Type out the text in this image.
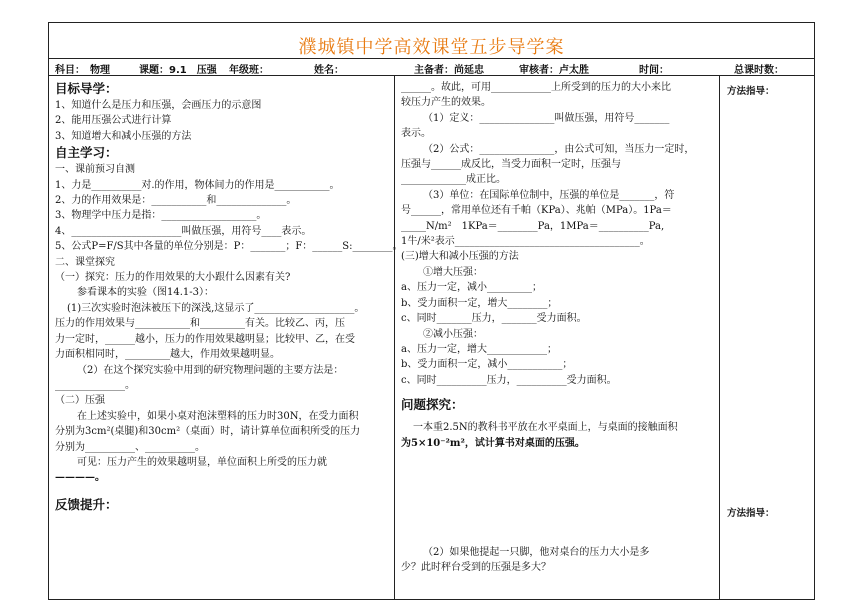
濮城镇中学高效课堂五步导学案
科目：　物理	课题：9.1　压强 年级班：	姓名：	主备者：尚延忠	审核者：卢太胜	时间：	总课时数：

目标导学：

1、知道什么是压力和压强，会画压力的示意图

2、能用压强公式进行计算

3、知道增大和减小压强的方法

自主学习：

一、课前预习自测

1、力是__________对.的作用，物体间力的作用是___________。

2、力的作用效果是：___________和______________。

3、物理学中压力是指：___________________。

4、______________________叫做压强，用符号____表示。

5、公式P=F/S其中各量的单位分别是：P：_______；F：______S:________。

二、课堂探究

（一）探究：压力的作用效果的大小跟什么因素有关?

参看课本的实验（图14.1-3）：

(1)三次实验时泡沫被压下的深浅,这显示了____________________。

压力的作用效果与___________和_________有关。比较乙、丙，压

力一定时，______越小，压力的作用效果越明显；比较甲、乙，在受

力面积相同时，_________越大，作用效果越明显。

（2）在这个探究实验中用到的研究物理问题的主要方法是：

______________。

（二）压强

在上述实验中，如果小桌对泡沫塑料的压力时30N，在受力面积

分别为3cm²(桌腿)和30cm²（桌面）时，请计算单位面积所受的压力

分别为__________、__________。

可见：压力产生的效果越明显，单位面积上所受的压力就

————。

反馈提升：

______。故此，可用____________上所受到的压力的大小来比

较压力产生的效果。

（1）定义：_______________叫做压强，用符号_______

表示。

（2）公式：_______________，由公式可知，当压力一定时，

压强与______成反比，当受力面积一定时，压强与

_____________成正比。

（3）单位：在国际单位制中，压强的单位是_______，符

号______，常用单位还有千帕（KPa）、兆帕（MPa）。1Pa＝

_____N/m²　1KPa＝________Pa，1MPa＝__________Pa,

1牛/米²表示_____________________________________。

(三)增大和减小压强的方法

①增大压强：

a、压力一定，减小_________；

b、受力面积一定，增大________；

c、同时_______压力，_______受力面积。

②减小压强：

a、压力一定，增大____________；

b、受力面积一定，减小___________；

c、同时__________压力，__________受力面积。

问题探究：

一本重2.5N的教科书平放在水平桌面上，与桌面的接触面积

为5×10⁻²m²，试计算书对桌面的压强。

（2）如果他提起一只脚，他对桌台的压力大小是多

少？此时秤台受到的压强是多大？

方法指导：
方法指导：
